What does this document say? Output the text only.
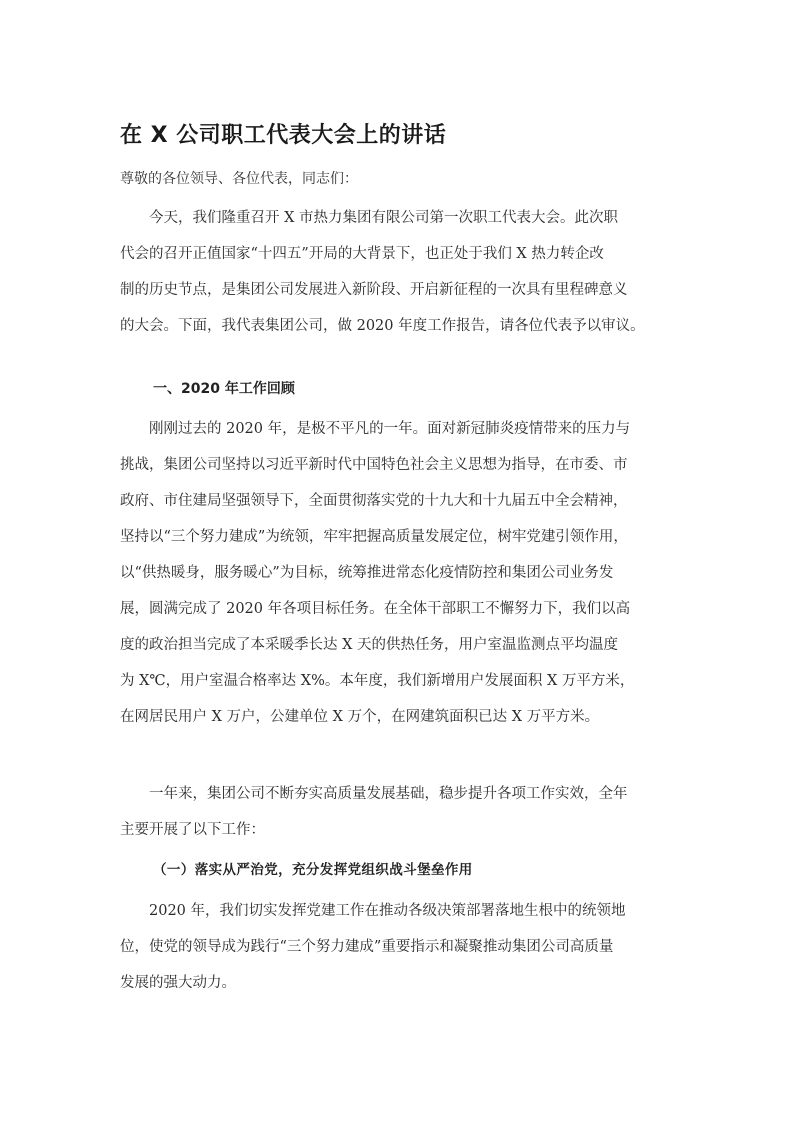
在 X 公司职工代表大会上的讲话
尊敬的各位领导、各位代表，同志们：
今天，我们隆重召开 X 市热力集团有限公司第一次职工代表大会。此次职
代会的召开正值国家“十四五”开局的大背景下，也正处于我们 X 热力转企改
制的历史节点，是集团公司发展进入新阶段、开启新征程的一次具有里程碑意义
的大会。下面，我代表集团公司，做 2020 年度工作报告，请各位代表予以审议。
一、2020 年工作回顾
刚刚过去的 2020 年，是极不平凡的一年。面对新冠肺炎疫情带来的压力与
挑战，集团公司坚持以习近平新时代中国特色社会主义思想为指导，在市委、市
政府、市住建局坚强领导下，全面贯彻落实党的十九大和十九届五中全会精神，
坚持以“三个努力建成”为统领，牢牢把握高质量发展定位，树牢党建引领作用，
以“供热暖身，服务暖心”为目标，统筹推进常态化疫情防控和集团公司业务发
展，圆满完成了 2020 年各项目标任务。在全体干部职工不懈努力下，我们以高
度的政治担当完成了本采暖季长达 X 天的供热任务，用户室温监测点平均温度
为 X℃，用户室温合格率达 X%。本年度，我们新增用户发展面积 X 万平方米，
在网居民用户 X 万户，公建单位 X 万个，在网建筑面积已达 X 万平方米。
一年来，集团公司不断夯实高质量发展基础，稳步提升各项工作实效，全年
主要开展了以下工作：
（一）落实从严治党，充分发挥党组织战斗堡垒作用
2020 年，我们切实发挥党建工作在推动各级决策部署落地生根中的统领地
位，使党的领导成为践行“三个努力建成”重要指示和凝聚推动集团公司高质量
发展的强大动力。
